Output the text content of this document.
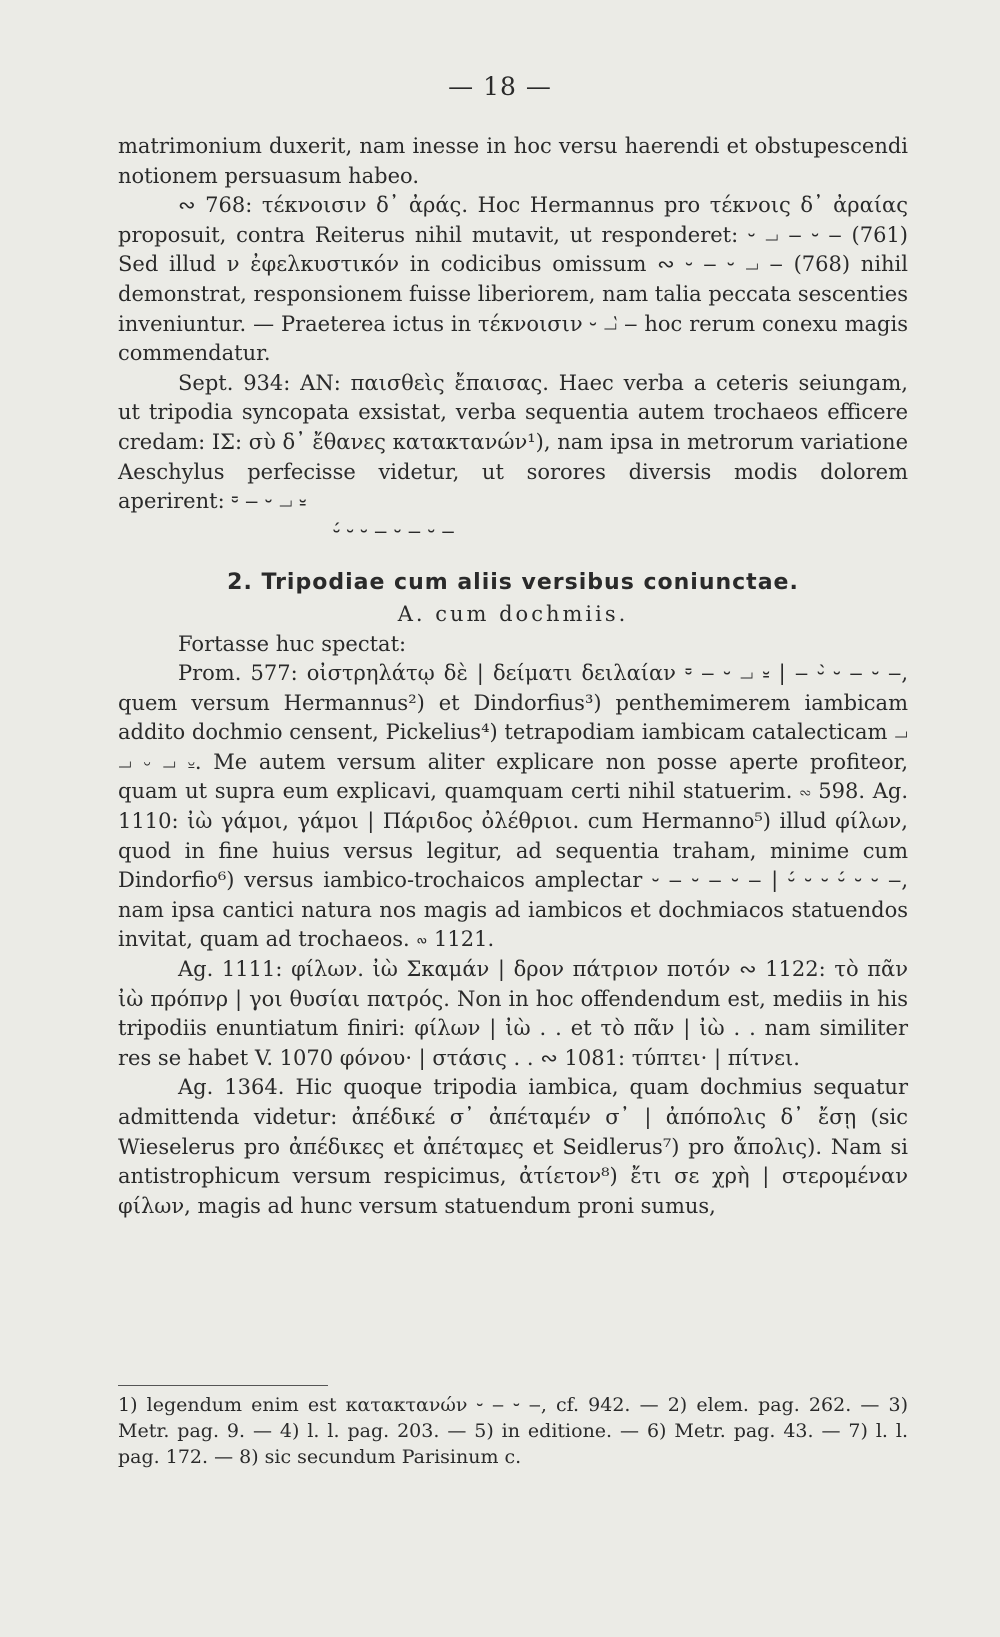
— 18 —

matrimonium duxerit, nam inesse in hoc versu haerendi et obstupescendi notionem persuasum habeo.

∾ 768: τέκνοισιν δ᾽ ἀράς. Hoc Hermannus pro τέκνοις δ᾽ ἀραίας proposuit, contra Reiterus nihil mutavit, ut responderet: ⏑ ⏗ ‒ ⏑ ‒ (761) Sed illud ν ἐφελκυστικόν in codicibus omissum ∾ ⏑ ‒ ⏑ ⏗ ‒ (768) nihil demonstrat, responsionem fuisse liberiorem, nam talia peccata sescenties inveniuntur. — Praeterea ictus in τέκνοισιν ⏑ ⏗́ ‒ hoc rerum conexu magis commendatur.

Sept. 934: ΑΝ: παισθεὶς ἔπαισας. Haec verba a ceteris seiungam, ut tripodia syncopata exsistat, verba sequentia autem trochaeos efficere credam: ΙΣ: σὺ δ᾽ ἔθανες κατακτανών¹), nam ipsa in metrorum variatione Aeschylus perfecisse videtur, ut sorores diversis modis dolorem aperirent: ⏒ ‒ ⏑ ⏗ ⏓

⏑́ ⏑ ⏑ ‒ ⏑ ‒ ⏑ ‒

2. Tripodiae cum aliis versibus coniunctae.
A. cum dochmiis.

Fortasse huc spectat:

Prom. 577: οἰστρηλάτῳ δὲ | δείματι δειλαίαν ⏒ ‒ ⏑ ⏗ ⏓ | ‒ ⏑́ ⏑ ‒ ⏑ ‒, quem versum Hermannus²) et Dindorfius³) penthemimerem iambicam addito dochmio censent, Pickelius⁴) tetrapodiam iambicam catalecticam ⏗ ⏗ ⏑ ⏗ ⏓. Me autem versum aliter explicare non posse aperte profiteor, quam ut supra eum explicavi, quamquam certi nihil statuerim. ∾ 598. Ag. 1110: ἰὼ γάμοι, γάμοι | Πάριδος ὀλέθριοι. cum Hermanno⁵) illud φίλων, quod in fine huius versus legitur, ad sequentia traham, minime cum Dindorfio⁶) versus iambico-trochaicos amplectar ⏑ ‒ ⏑ ‒ ⏑ ‒ | ⏑́ ⏑ ⏑ ⏑́ ⏑ ⏑ ‒, nam ipsa cantici natura nos magis ad iambicos et dochmiacos statuendos invitat, quam ad trochaeos. ∾ 1121.

Ag. 1111: φίλων. ἰὼ Σκαμάν | δρον πάτριον ποτόν ∾ 1122: τὸ πᾶν ἰὼ πρόπνρ | γοι θυσίαι πατρός. Non in hoc offendendum est, mediis in his tripodiis enuntiatum finiri: φίλων | ἰὼ . . et τὸ πᾶν | ἰὼ . . nam similiter res se habet V. 1070 φόνου· | στάσις . . ∾ 1081: τύπτει· | πίτνει.

Ag. 1364. Hic quoque tripodia iambica, quam dochmius sequatur admittenda videtur: ἀπέδικέ σ᾽ ἀπέταμέν σ᾽ | ἀπόπολις δ᾽ ἔσῃ (sic Wieselerus pro ἀπέδικες et ἀπέταμες et Seidlerus⁷) pro ἄπολις). Nam si antistrophicum versum respicimus, ἀτίετον⁸) ἔτι σε χρὴ | στερομέναν φίλων, magis ad hunc versum statuendum proni sumus,

1) legendum enim est κατακτανών ⏑ ‒ ⏑ ‒, cf. 942. — 2) elem. pag. 262. — 3) Metr. pag. 9. — 4) l. l. pag. 203. — 5) in editione. — 6) Metr. pag. 43. — 7) l. l. pag. 172. — 8) sic secundum Parisinum c.
